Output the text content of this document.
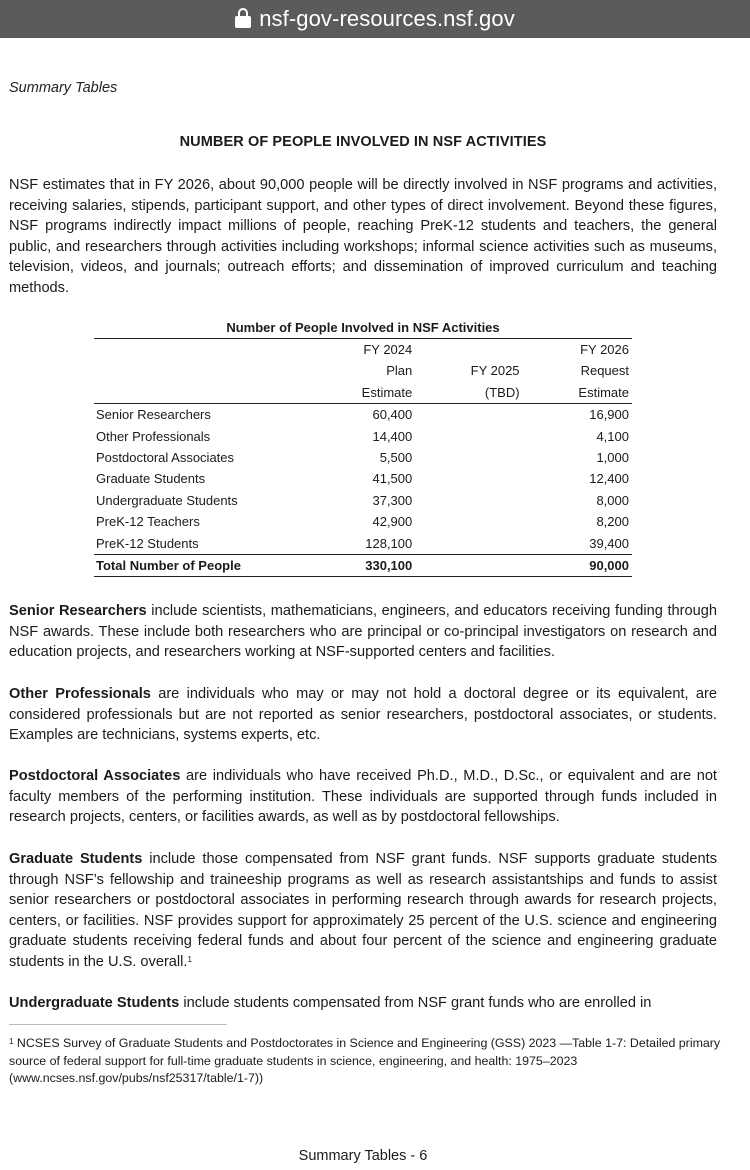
nsf-gov-resources.nsf.gov
Summary Tables
NUMBER OF PEOPLE INVOLVED IN NSF ACTIVITIES

NSF estimates that in FY 2026, about 90,000 people will be directly involved in NSF programs and activities, receiving salaries, stipends, participant support, and other types of direct involvement. Beyond these figures, NSF programs indirectly impact millions of people, reaching PreK-12 students and teachers, the general public, and researchers through activities including workshops; informal science activities such as museums, television, videos, and journals; outreach efforts; and dissemination of improved curriculum and teaching methods.

Number of People Involved in NSF Activities
	FY 2024		FY 2026
	Plan	FY 2025	Request
	Estimate	(TBD)	Estimate
Senior Researchers	60,400		16,900
Other Professionals	14,400		4,100
Postdoctoral Associates	5,500		1,000
Graduate Students	41,500		12,400
Undergraduate Students	37,300		8,000
PreK-12 Teachers	42,900		8,200
PreK-12 Students	128,100		39,400
Total Number of People	330,100		90,000

Senior Researchers include scientists, mathematicians, engineers, and educators receiving funding through NSF awards. These include both researchers who are principal or co-principal investigators on research and education projects, and researchers working at NSF-supported centers and facilities.

Other Professionals are individuals who may or may not hold a doctoral degree or its equivalent, are considered professionals but are not reported as senior researchers, postdoctoral associates, or students. Examples are technicians, systems experts, etc.

Postdoctoral Associates are individuals who have received Ph.D., M.D., D.Sc., or equivalent and are not faculty members of the performing institution. These individuals are supported through funds included in research projects, centers, or facilities awards, as well as by postdoctoral fellowships.

Graduate Students include those compensated from NSF grant funds. NSF supports graduate students through NSF’s fellowship and traineeship programs as well as research assistantships and funds to assist senior researchers or postdoctoral associates in performing research through awards for research projects, centers, or facilities. NSF provides support for approximately 25 percent of the U.S. science and engineering graduate students receiving federal funds and about four percent of the science and engineering graduate students in the U.S. overall.$^1$

Undergraduate Students include students compensated from NSF grant funds who are enrolled in

$^1$ NCSES Survey of Graduate Students and Postdoctorates in Science and Engineering (GSS) 2023 —Table 1-7: Detailed primary source of federal support for full-time graduate students in science, engineering, and health: 1975–2023 (www.ncses.nsf.gov/pubs/nsf25317/table/1-7))

Summary Tables - 6
